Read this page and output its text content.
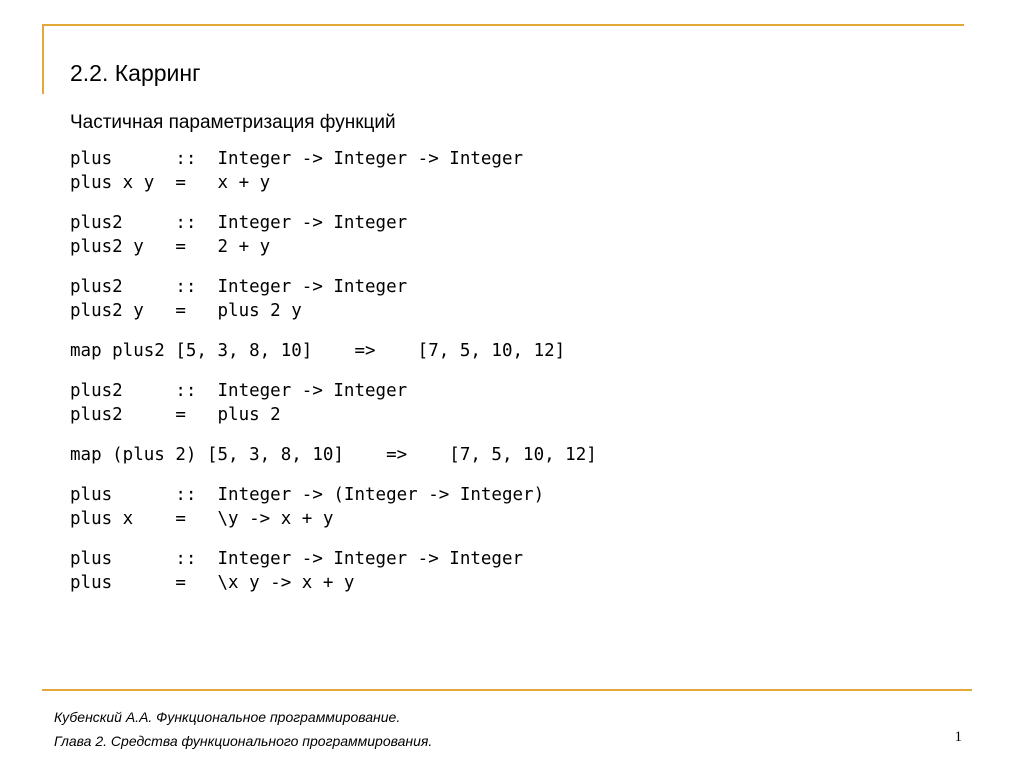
2.2. Карринг
Частичная параметризация функций
plus      ::  Integer -> Integer -> Integer
plus x y  =   x + y
plus2     ::  Integer -> Integer
plus2 y   =   2 + y
plus2     ::  Integer -> Integer
plus2 y   =   plus 2 y
map plus2 [5, 3, 8, 10]    =>    [7, 5, 10, 12]
plus2     ::  Integer -> Integer
plus2     =   plus 2
map (plus 2) [5, 3, 8, 10]    =>    [7, 5, 10, 12]
plus      ::  Integer -> (Integer -> Integer)
plus x    =   \y -> x + y
plus      ::  Integer -> Integer -> Integer
plus      =   \x y -> x + y
Кубенский А.А. Функциональное программирование.
Глава 2. Средства функционального программирования.	1
